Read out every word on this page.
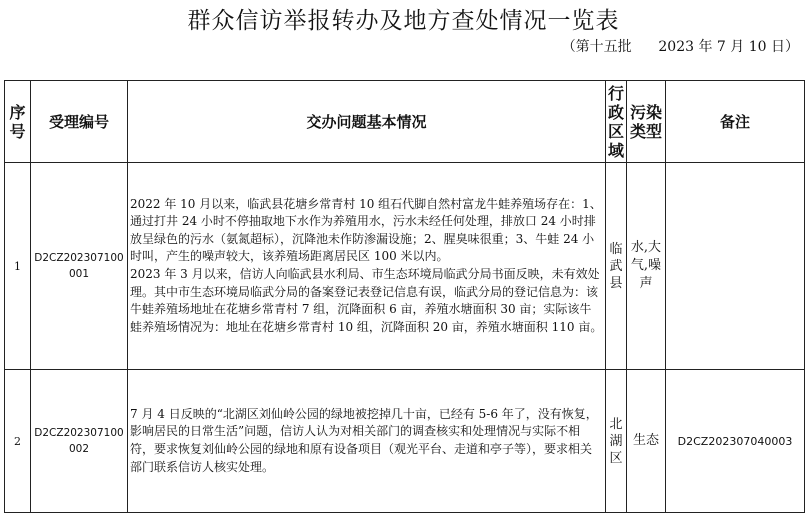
群众信访举报转办及地方查处情况一览表
（第十五批      2023 年 7 月 10 日）
序号	受理编号	交办问题基本情况	行政区域	污染类型	备注
1	D2CZ202307100001	2022 年 10 月以来，临武县花塘乡常青村 10 组石代脚自然村富龙牛蛙养殖场存在：1、通过打井 24 小时不停抽取地下水作为养殖用水，污水未经任何处理，排放口 24 小时排放呈绿色的污水（氨氮超标），沉降池未作防渗漏设施；2、腥臭味很重；3、牛蛙 24 小时叫，产生的噪声较大，该养殖场距离居民区 100 米以内。

2023 年 3 月以来，信访人向临武县水利局、市生态环境局临武分局书面反映，未有效处理。其中市生态环境局临武分局的备案登记表登记信息有误，临武分局的登记信息为：该牛蛙养殖场地址在花塘乡常青村 7 组，沉降面积 6 亩，养殖水塘面积 30 亩；实际该牛蛙养殖场情况为：地址在花塘乡常青村 10 组，沉降面积 20 亩，养殖水塘面积 110 亩。	临武县	水,大气,噪声	
2	D2CZ202307100002	7 月 4 日反映的“北湖区刘仙岭公园的绿地被挖掉几十亩，已经有 5-6 年了，没有恢复，影响居民的日常生活”问题，信访人认为对相关部门的调查核实和处理情况与实际不相符，要求恢复刘仙岭公园的绿地和原有设备项目（观光平台、走道和亭子等），要求相关部门联系信访人核实处理。	北湖区	生态	D2CZ202307040003
